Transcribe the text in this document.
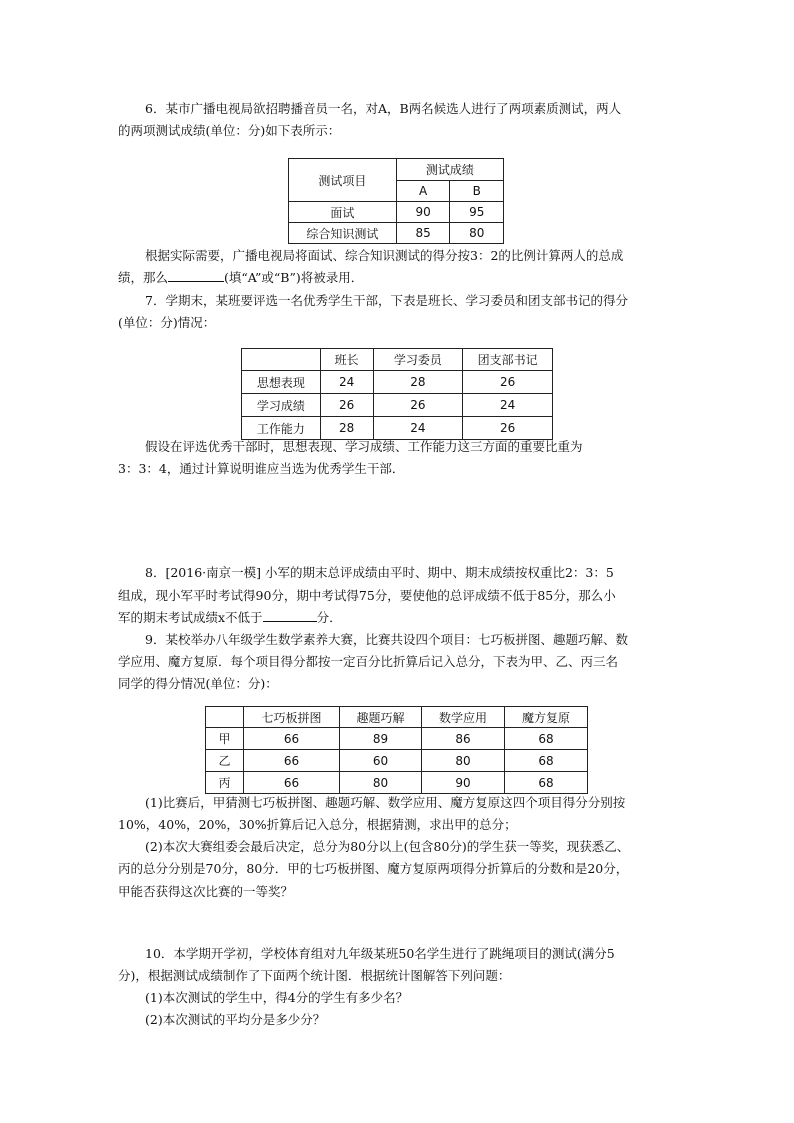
6．某市广播电视局欲招聘播音员一名，对A，B两名候选人进行了两项素质测试，两人
的两项测试成绩(单位：分)如下表所示：
测试项目	测试成绩	
	A	B
面试	90	95
综合知识测试	85	80
根据实际需要，广播电视局将面试、综合知识测试的得分按3：2的比例计算两人的总成
绩，那么	(填“A”或“B”)将被录用．
7．学期末，某班要评选一名优秀学生干部，下表是班长、学习委员和团支部书记的得分
(单位：分)情况：
	班长	学习委员	团支部书记
思想表现	24	28	26
学习成绩	26	26	24
工作能力	28	24	26
假设在评选优秀干部时，思想表现、学习成绩、工作能力这三方面的重要比重为
3：3：4，通过计算说明谁应当选为优秀学生干部．
8．[2016·南京一模] 小军的期末总评成绩由平时、期中、期末成绩按权重比2：3：5
组成，现小军平时考试得90分，期中考试得75分，要使他的总评成绩不低于85分，那么小
军的期末考试成绩x不低于	分．
9．某校举办八年级学生数学素养大赛，比赛共设四个项目：七巧板拼图、趣题巧解、数
学应用、魔方复原．每个项目得分都按一定百分比折算后记入总分，下表为甲、乙、丙三名
同学的得分情况(单位：分)：
	七巧板拼图	趣题巧解	数学应用	魔方复原
甲	66	89	86	68
乙	66	60	80	68
丙	66	80	90	68
(1)比赛后，甲猜测七巧板拼图、趣题巧解、数学应用、魔方复原这四个项目得分分别按
10%，40%，20%，30%折算后记入总分，根据猜测，求出甲的总分；
(2)本次大赛组委会最后决定，总分为80分以上(包含80分)的学生获一等奖，现获悉乙、
丙的总分分别是70分，80分．甲的七巧板拼图、魔方复原两项得分折算后的分数和是20分，
甲能否获得这次比赛的一等奖？
10．本学期开学初，学校体育组对九年级某班50名学生进行了跳绳项目的测试(满分5
分)，根据测试成绩制作了下面两个统计图．根据统计图解答下列问题：
(1)本次测试的学生中，得4分的学生有多少名？
(2)本次测试的平均分是多少分？
